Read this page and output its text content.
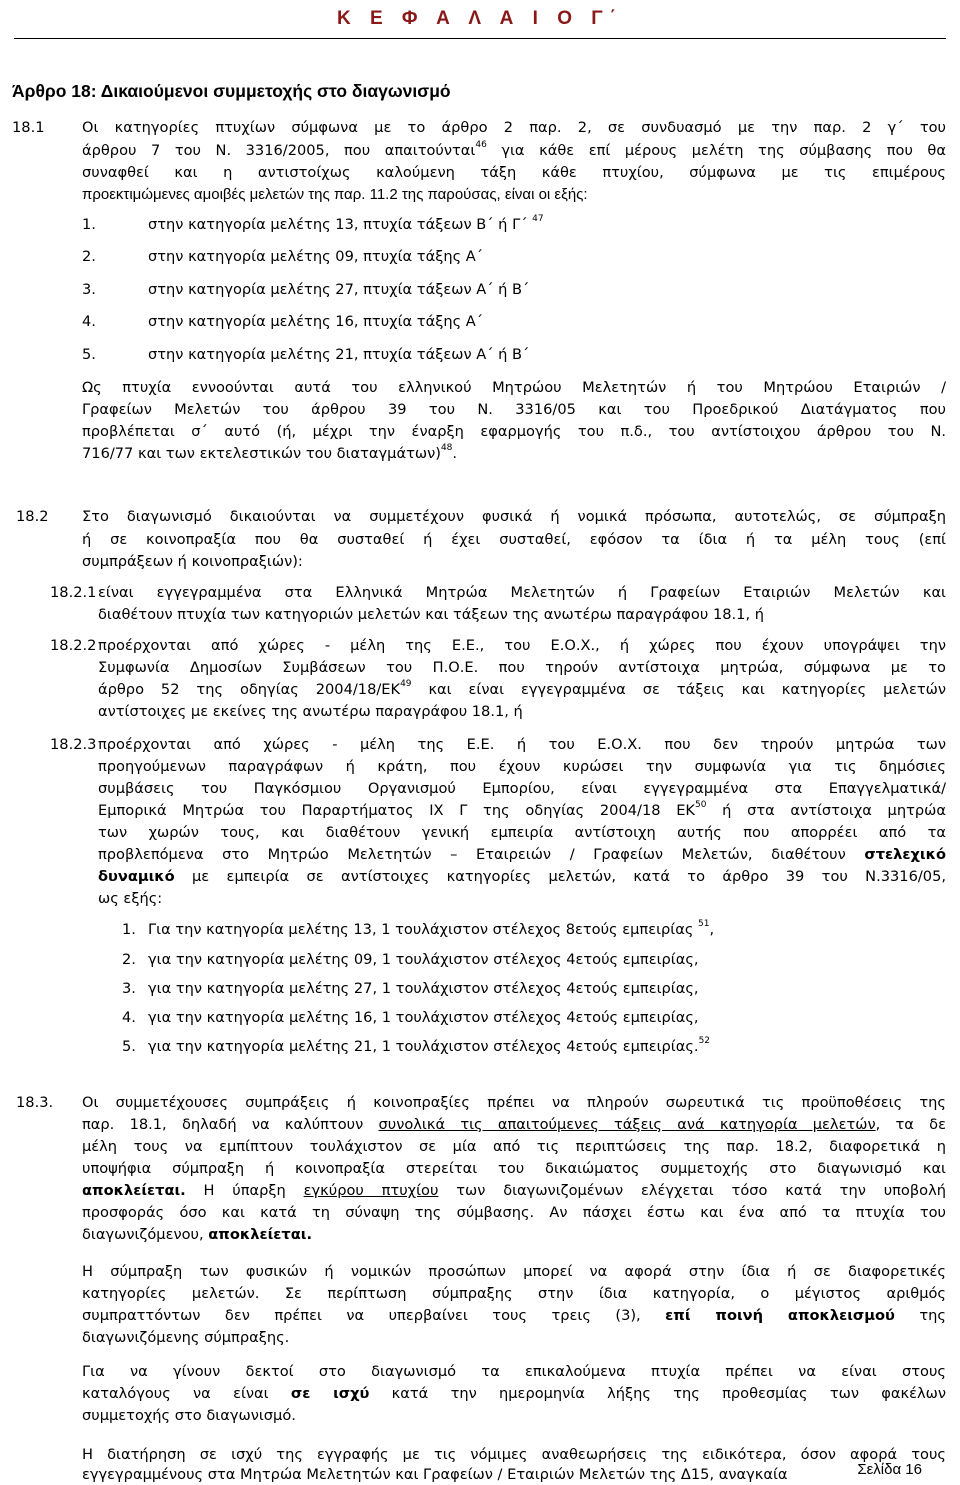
Κ Ε Φ Α Λ Α Ι Ο Γ΄
Άρθρο 18: Δικαιούμενοι συμμετοχής στο διαγωνισμό
18.1	Οι κατηγορίες πτυχίων σύμφωνα με το άρθρο 2 παρ. 2, σε συνδυασμό με την παρ. 2 γ΄ του
άρθρου 7 του Ν. 3316/2005, που απαιτούνται$^{46}$ για κάθε επί μέρους μελέτη της σύμβασης που θα
συναφθεί και η αντιστοίχως καλούμενη τάξη κάθε πτυχίου, σύμφωνα με τις επιμέρους
προεκτιμώμενες αμοιβές μελετών της παρ. 11.2 της παρούσας, είναι οι εξής:
1.	στην κατηγορία μελέτης 13, πτυχία τάξεων Β΄ ή Γ΄ $^{47}$
2.	στην κατηγορία μελέτης 09, πτυχία τάξης Α΄
3.	στην κατηγορία μελέτης 27, πτυχία τάξεων Α΄ ή Β΄
4.	στην κατηγορία μελέτης 16, πτυχία τάξης Α΄
5.	στην κατηγορία μελέτης 21, πτυχία τάξεων Α΄ ή Β΄
Ως πτυχία εννοούνται αυτά του ελληνικού Μητρώου Μελετητών ή του Μητρώου Εταιριών /
Γραφείων Μελετών του άρθρου 39 του Ν. 3316/05 και του Προεδρικού Διατάγματος που
προβλέπεται σ΄ αυτό (ή, μέχρι την έναρξη εφαρμογής του π.δ., του αντίστοιχου άρθρου του Ν.
716/77 και των εκτελεστικών του διαταγμάτων)$^{48}$.
18.2 Στο διαγωνισμό δικαιούνται να συμμετέχουν φυσικά ή νομικά πρόσωπα, αυτοτελώς, σε σύμπραξη
ή σε κοινοπραξία που θα συσταθεί ή έχει συσταθεί, εφόσον τα ίδια ή τα μέλη τους (επί
συμπράξεων ή κοινοπραξιών):
18.2.1 είναι εγγεγραμμένα στα Ελληνικά Μητρώα Μελετητών ή Γραφείων Εταιριών Μελετών και
διαθέτουν πτυχία των κατηγοριών μελετών και τάξεων της ανωτέρω παραγράφου 18.1, ή
18.2.2 προέρχονται από χώρες - μέλη της Ε.Ε., του Ε.Ο.Χ., ή χώρες που έχουν υπογράψει την
Συμφωνία Δημοσίων Συμβάσεων του Π.Ο.Ε. που τηρούν αντίστοιχα μητρώα, σύμφωνα με το
άρθρο 52 της οδηγίας 2004/18/ΕΚ$^{49}$ και είναι εγγεγραμμένα σε τάξεις και κατηγορίες μελετών
αντίστοιχες με εκείνες της ανωτέρω παραγράφου 18.1, ή
18.2.3 προέρχονται από χώρες - μέλη της Ε.Ε. ή του Ε.Ο.Χ. που δεν τηρούν μητρώα των
προηγούμενων παραγράφων ή κράτη, που έχουν κυρώσει την συμφωνία για τις δημόσιες
συμβάσεις του Παγκόσμιου Οργανισμού Εμπορίου, είναι εγγεγραμμένα στα Επαγγελματικά/
Εμπορικά Μητρώα του Παραρτήματος ΙΧ Γ της οδηγίας 2004/18 ΕΚ$^{50}$ ή στα αντίστοιχα μητρώα
των χωρών τους, και διαθέτουν γενική εμπειρία αντίστοιχη αυτής που απορρέει από τα
προβλεπόμενα στο Μητρώο Μελετητών – Εταιρειών / Γραφείων Μελετών, διαθέτουν στελεχικό
δυναμικό με εμπειρία σε αντίστοιχες κατηγορίες μελετών, κατά το άρθρο 39 του Ν.3316/05,
ως εξής:
1. Για την κατηγορία μελέτης 13, 1 τουλάχιστον στέλεχος 8ετούς εμπειρίας $^{51}$,
2. για την κατηγορία μελέτης 09, 1 τουλάχιστον στέλεχος 4ετούς εμπειρίας,
3. για την κατηγορία μελέτης 27, 1 τουλάχιστον στέλεχος 4ετούς εμπειρίας,
4. για την κατηγορία μελέτης 16, 1 τουλάχιστον στέλεχος 4ετούς εμπειρίας,
5. για την κατηγορία μελέτης 21, 1 τουλάχιστον στέλεχος 4ετούς εμπειρίας.$^{52}$
18.3. Οι συμμετέχουσες συμπράξεις ή κοινοπραξίες πρέπει να πληρούν σωρευτικά τις προϋποθέσεις της
παρ. 18.1, δηλαδή να καλύπτουν συνολικά τις απαιτούμενες τάξεις ανά κατηγορία μελετών, τα δε
μέλη τους να εμπίπτουν τουλάχιστον σε μία από τις περιπτώσεις της παρ. 18.2, διαφορετικά η
υποψήφια σύμπραξη ή κοινοπραξία στερείται του δικαιώματος συμμετοχής στο διαγωνισμό και
αποκλείεται. Η ύπαρξη εγκύρου πτυχίου των διαγωνιζομένων ελέγχεται τόσο κατά την υποβολή
προσφοράς όσο και κατά τη σύναψη της σύμβασης. Αν πάσχει έστω και ένα από τα πτυχία του
διαγωνιζόμενου, αποκλείεται.
Η σύμπραξη των φυσικών ή νομικών προσώπων μπορεί να αφορά στην ίδια ή σε διαφορετικές
κατηγορίες μελετών. Σε περίπτωση σύμπραξης στην ίδια κατηγορία, ο μέγιστος αριθμός
συμπραττόντων δεν πρέπει να υπερβαίνει τους τρεις (3), επί ποινή αποκλεισμού της
διαγωνιζόμενης σύμπραξης.
Για να γίνουν δεκτοί στο διαγωνισμό τα επικαλούμενα πτυχία πρέπει να είναι στους
καταλόγους να είναι σε ισχύ κατά την ημερομηνία λήξης της προθεσμίας των φακέλων
συμμετοχής στο διαγωνισμό.
Η διατήρηση σε ισχύ της εγγραφής με τις νόμιμες αναθεωρήσεις της ειδικότερα, όσον αφορά τους
Σελίδα 16
εγγεγραμμένους στα Μητρώα Μελετητών και Γραφείων / Εταιριών Μελετών της Δ15, αναγκαία
